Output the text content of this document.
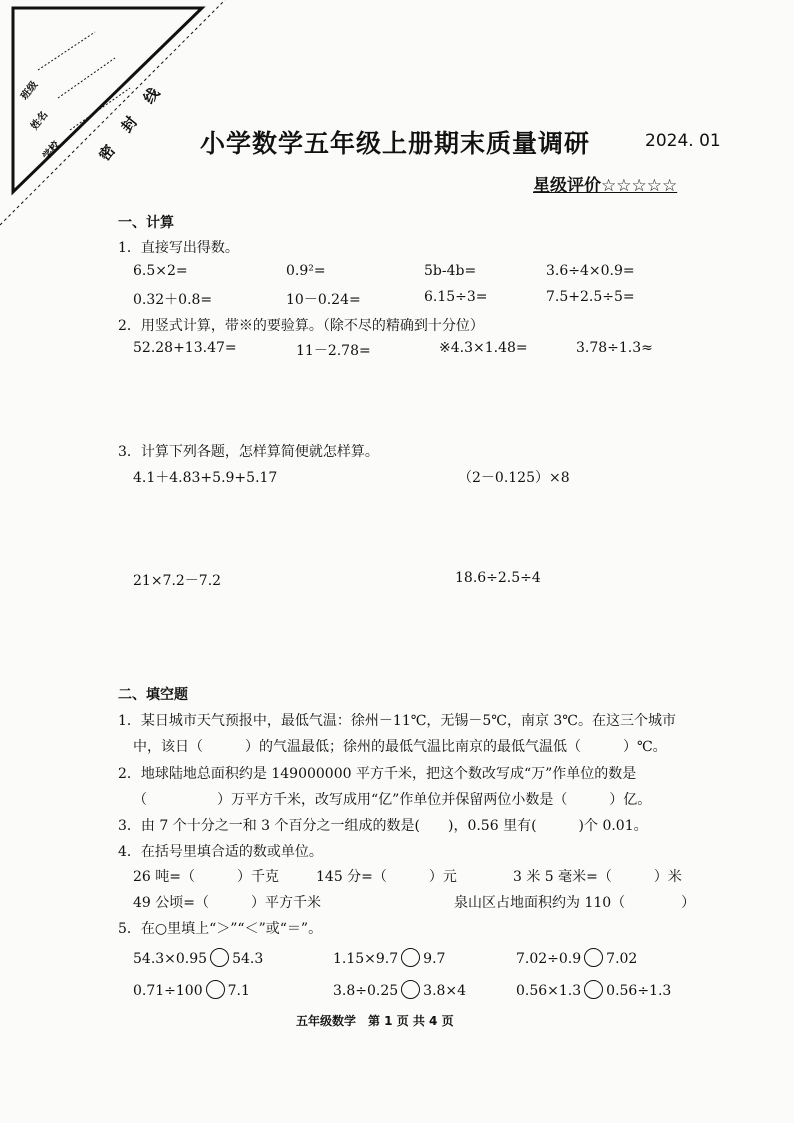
班级
姓名
学校 密 封 线 小学数学五年级上册期末质量调研	2024. 01
星级评价☆☆☆☆☆
一、计算
1．直接写出得数。
6.5×2=	0.9²=	5b-4b=	3.6÷4×0.9=
0.32＋0.8=	10－0.24=	6.15÷3=	7.5+2.5÷5=
2．用竖式计算，带※的要验算。（除不尽的精确到十分位）
52.28+13.47=	11－2.78=	※4.3×1.48=	3.78÷1.3≈
3．计算下列各题，怎样算简便就怎样算。
4.1＋4.83+5.9+5.17	（2－0.125）×8
21×7.2－7.2	18.6÷2.5÷4
二、填空题
1．某日城市天气预报中，最低气温：徐州－11℃，无锡－5℃，南京 3℃。在这三个城市
中，该日（　　　）的气温最低；徐州的最低气温比南京的最低气温低（　　　）℃。
2．地球陆地总面积约是 149000000 平方千米，把这个数改写成“万”作单位的数是
（　　　　　）万平方千米，改写成用“亿”作单位并保留两位小数是（　　　）亿。
3．由 7 个十分之一和 3 个百分之一组成的数是(　　)，0.56 里有(　　　)个 0.01。
4．在括号里填合适的数或单位。
26 吨=（　　　）千克	145 分=（　　　）元	3 米 5 毫米=（　　　）米
49 公顷=（　　　）平方千米	泉山区占地面积约为 110（　　　　）
5．在○里填上“＞”“＜”或“＝”。
54.3×0.95 54.3	1.15×9.7 9.7	7.02÷0.9 7.02
0.71÷100 7.1	3.8÷0.25 3.8×4	0.56×1.3 0.56÷1.3
五年级数学　第 1 页 共 4 页
